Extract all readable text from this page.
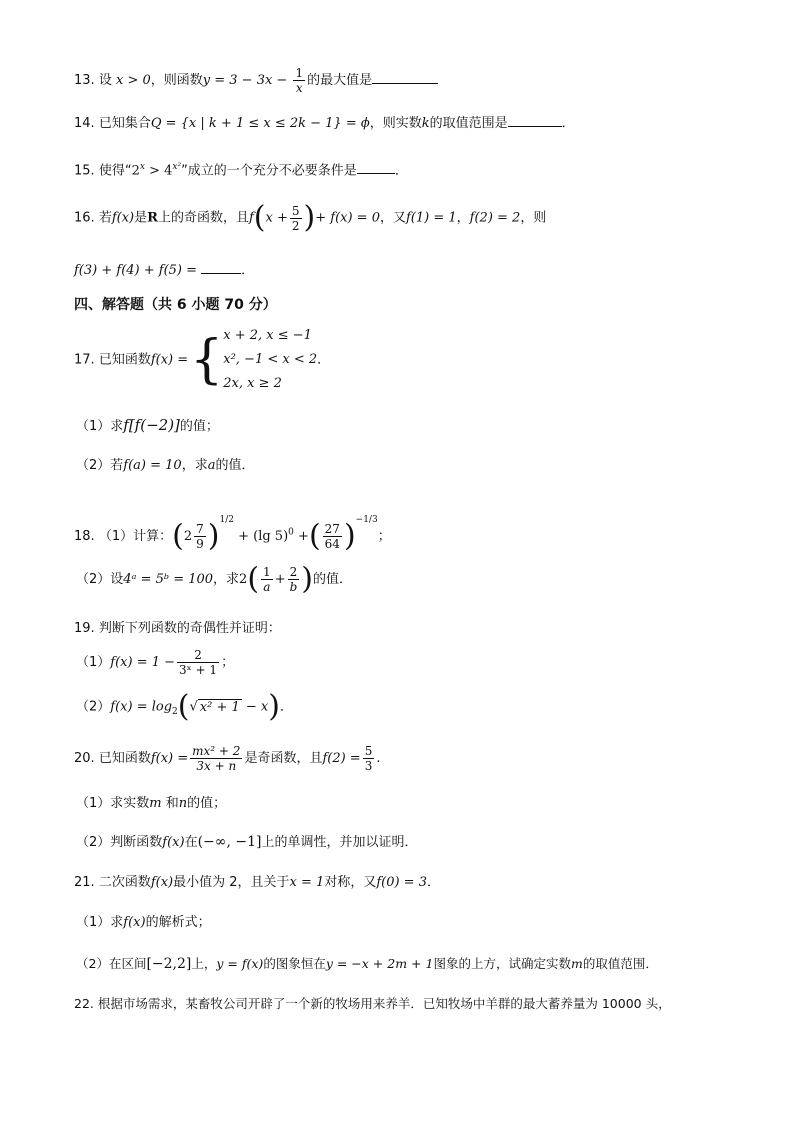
13. 设 x > 0，则函数$y = 3 - 3x - \frac{1}{x}$ 的最大值是
14. 已知集合Q = {x | k + 1 ≤ x ≤ 2k − 1} = ϕ，则实数k的取值范围是	．
15. 使得“$2^x > 4^{x^2}$”成立的一个充分不必要条件是	．
16. 若f(x)是R上的奇函数，且$f(x + \frac{5}{2}$ )+ f(x) = 0，又f(1) = 1，f(2) = 2，则
f(3) + f(4) + f(5) =	．
四、解答题（共 6 小题 70 分）
17. 已知函数f(x) ={ x + 2, x ≤ −1
x², −1 < x < 2
2x, x ≥ 2
．
（1）求f[f(−2)]的值；
（2）若f(a) = 10，求a的值．
18. （1）计算：$(2 \frac{7}{9} )^{1/2} + (\lg$ 5)$^0$ +( $\frac{27}{64} )^{-1/3}$；
（2）设4ᵃ = 5ᵇ = 100，求$2( \frac{1}{a} + \frac{2}{b}$ )的值．
19. 判断下列函数的奇偶性并证明：
$(1)f(x) = 1 - \frac{2}{\text{3ˣ + 1}}$ ；
$(2)f(x) = \log_2(√$ x² + 1 − x)．
20. 已知函数$f(x) = \frac{\text{mx² + 2}}{3x + n}$ 是奇函数，且$f(2) = \frac{5}{3}$ .
（1）求实数m 和n的值；
（2）判断函数f(x)在(−∞, −1]上的单调性，并加以证明．
21. 二次函数f(x)最小值为 2，且关于x = 1对称，又f(0) = 3．
（1）求f(x)的解析式；
（2）在区间[−2,2]上，y = f(x)的图象恒在y = −x + 2m + 1图象的上方，试确定实数m的取值范围．
22. 根据市场需求，某畜牧公司开辟了一个新的牧场用来养羊．已知牧场中羊群的最大蓄养量为 10000 头，
